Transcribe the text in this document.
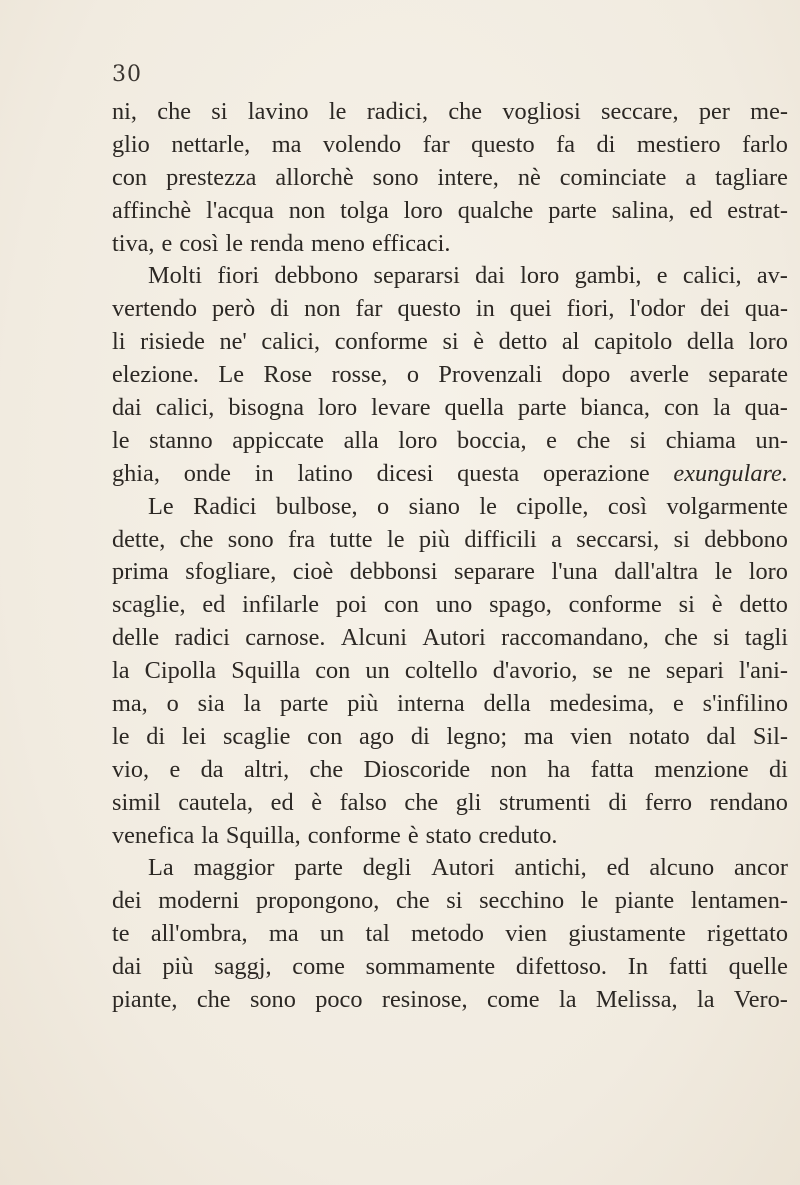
30
ni, che si lavino le radici, che vogliosi seccare, per me-
glio nettarle, ma volendo far questo fa di mestiero farlo
con prestezza allorchè sono intere, nè cominciate a tagliare
affinchè l'acqua non tolga loro qualche parte salina, ed estrat-
tiva, e così le renda meno efficaci.
Molti fiori debbono separarsi dai loro gambi, e calici, av-
vertendo però di non far questo in quei fiori, l'odor dei qua-
li risiede ne' calici, conforme si è detto al capitolo della loro
elezione. Le Rose rosse, o Provenzali dopo averle separate
dai calici, bisogna loro levare quella parte bianca, con la qua-
le stanno appiccate alla loro boccia, e che si chiama un-
ghia, onde in latino dicesi questa operazione exungulare.
Le Radici bulbose, o siano le cipolle, così volgarmente
dette, che sono fra tutte le più difficili a seccarsi, si debbono
prima sfogliare, cioè debbonsi separare l'una dall'altra le loro
scaglie, ed infilarle poi con uno spago, conforme si è detto
delle radici carnose. Alcuni Autori raccomandano, che si tagli
la Cipolla Squilla con un coltello d'avorio, se ne separi l'ani-
ma, o sia la parte più interna della medesima, e s'infilino
le di lei scaglie con ago di legno; ma vien notato dal Sil-
vio, e da altri, che Dioscoride non ha fatta menzione di
simil cautela, ed è falso che gli strumenti di ferro rendano
venefica la Squilla, conforme è stato creduto.
La maggior parte degli Autori antichi, ed alcuno ancor
dei moderni propongono, che si secchino le piante lentamen-
te all'ombra, ma un tal metodo vien giustamente rigettato
dai più saggj, come sommamente difettoso. In fatti quelle
piante, che sono poco resinose, come la Melissa, la Vero-
